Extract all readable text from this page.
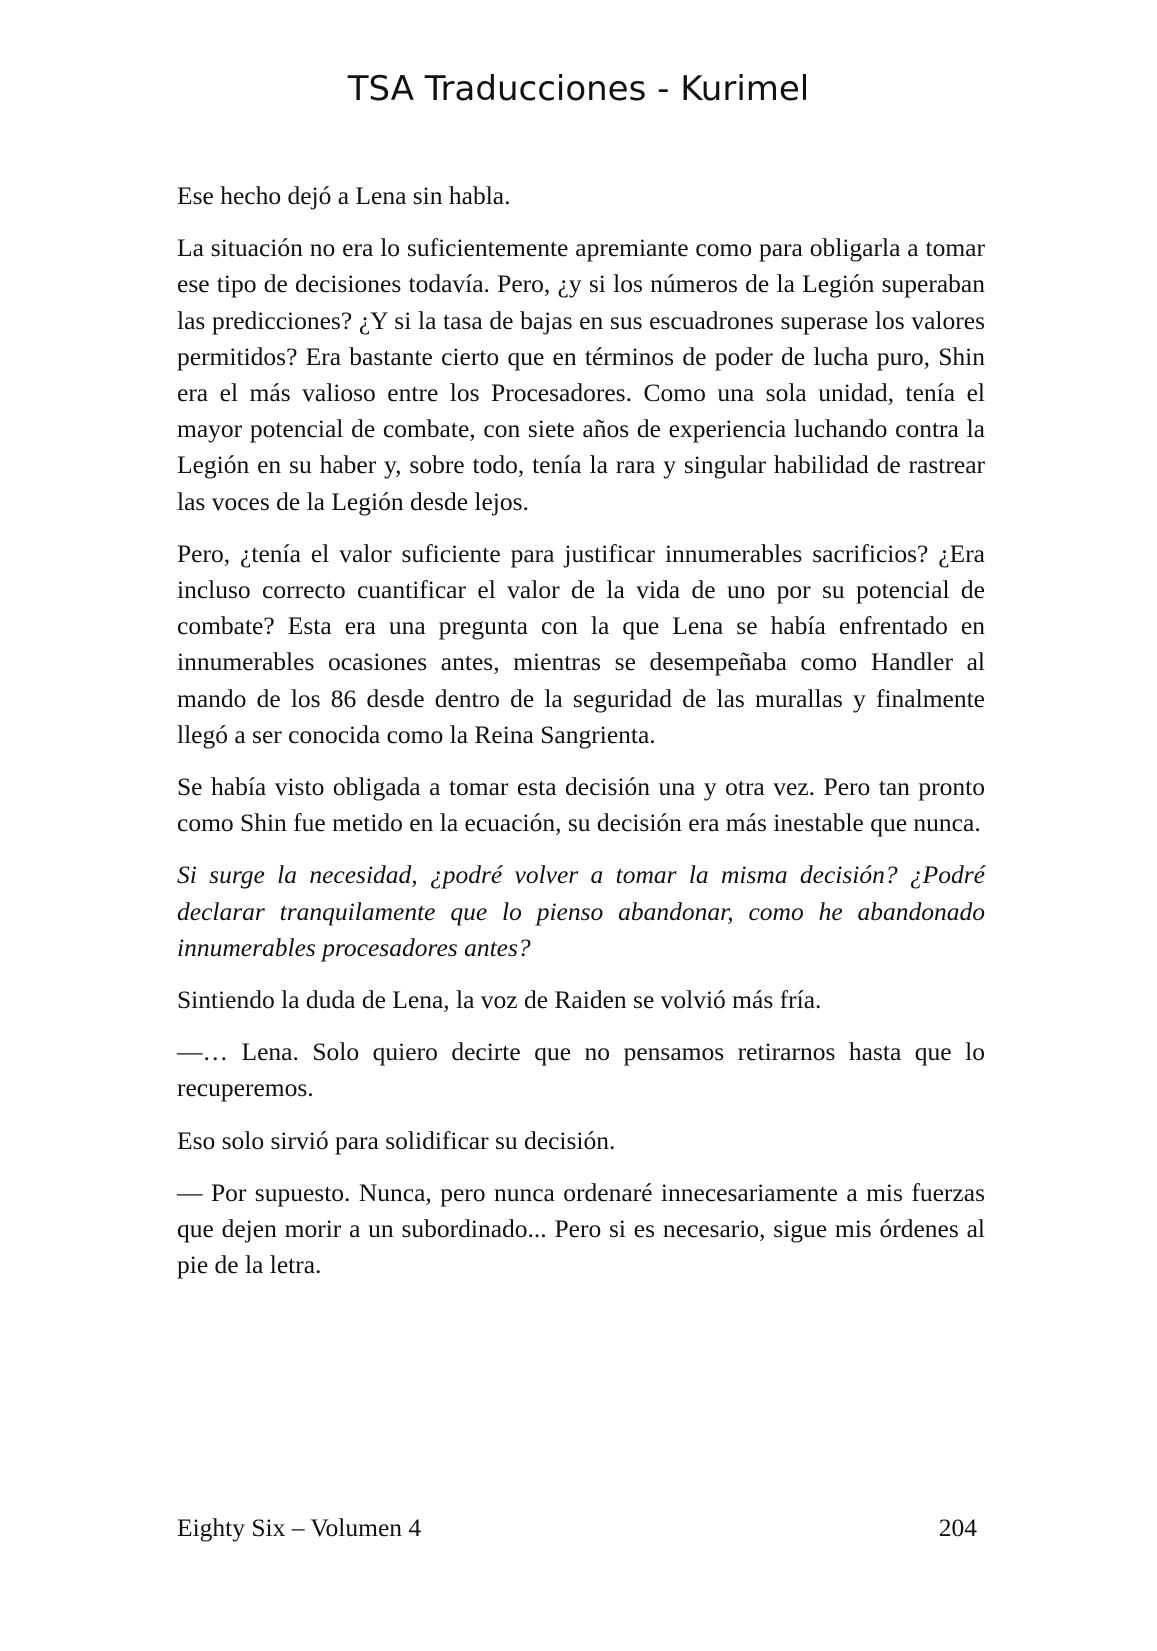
TSA Traducciones - Kurimel

Ese hecho dejó a Lena sin habla.

La situación no era lo suficientemente apremiante como para obligarla a tomar ese tipo de decisiones todavía. Pero, ¿y si los números de la Legión superaban las predicciones? ¿Y si la tasa de bajas en sus escuadrones superase los valores permitidos? Era bastante cierto que en términos de poder de lucha puro, Shin era el más valioso entre los Procesadores. Como una sola unidad, tenía el mayor potencial de combate, con siete años de experiencia luchando contra la Legión en su haber y, sobre todo, tenía la rara y singular habilidad de rastrear las voces de la Legión desde lejos.

Pero, ¿tenía el valor suficiente para justificar innumerables sacrificios? ¿Era incluso correcto cuantificar el valor de la vida de uno por su potencial de combate? Esta era una pregunta con la que Lena se había enfrentado en innumerables ocasiones antes, mientras se desempeñaba como Handler al mando de los 86 desde dentro de la seguridad de las murallas y finalmente llegó a ser conocida como la Reina Sangrienta.

Se había visto obligada a tomar esta decisión una y otra vez. Pero tan pronto como Shin fue metido en la ecuación, su decisión era más inestable que nunca.

Si surge la necesidad, ¿podré volver a tomar la misma decisión? ¿Podré declarar tranquilamente que lo pienso abandonar, como he abandonado innumerables procesadores antes?

Sintiendo la duda de Lena, la voz de Raiden se volvió más fría.

—… Lena. Solo quiero decirte que no pensamos retirarnos hasta que lo recuperemos.

Eso solo sirvió para solidificar su decisión.

— Por supuesto. Nunca, pero nunca ordenaré innecesariamente a mis fuerzas que dejen morir a un subordinado... Pero si es necesario, sigue mis órdenes al pie de la letra.

Eighty Six – Volumen 4	204
